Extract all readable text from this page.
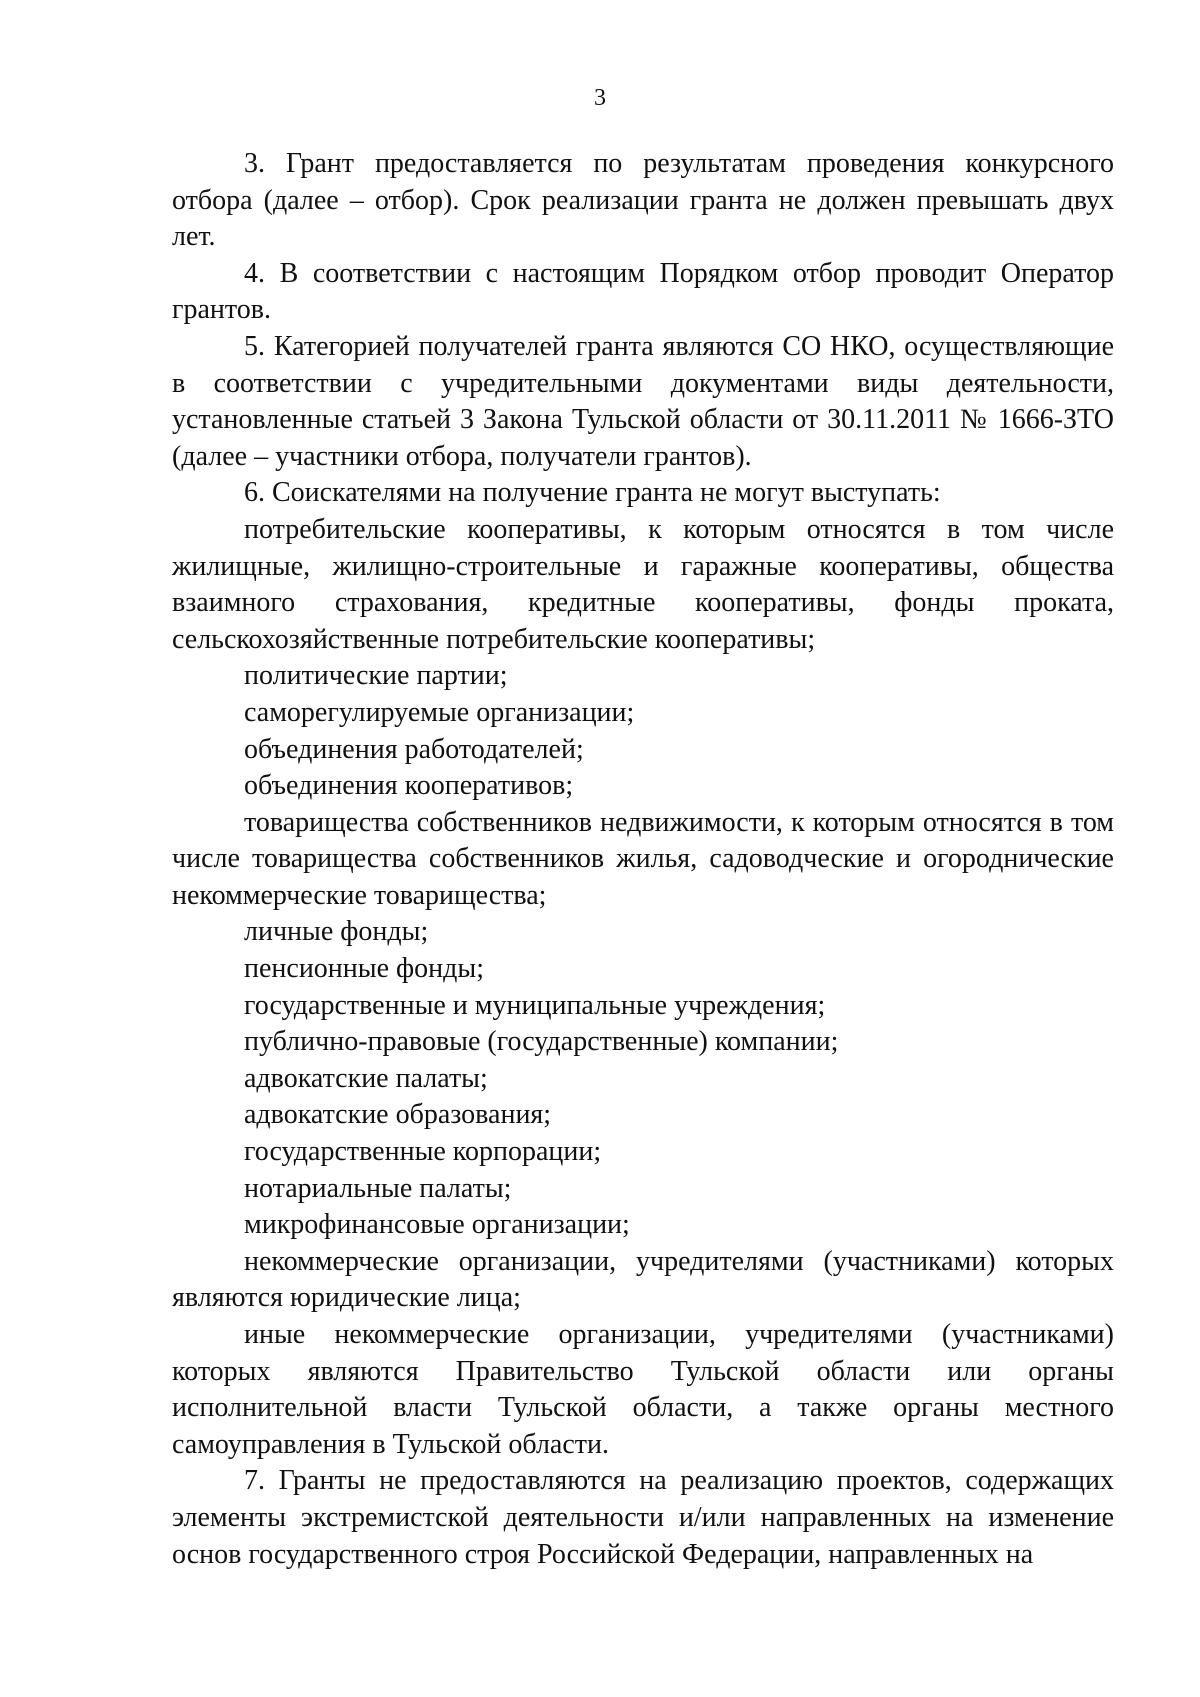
3

3. Грант предоставляется по результатам проведения конкурсного отбора (далее – отбор). Срок реализации гранта не должен превышать двух лет.

4. В соответствии с настоящим Порядком отбор проводит Оператор грантов.

5. Категорией получателей гранта являются СО НКО, осуществляющие в соответствии с учредительными документами виды деятельности, установленные статьей 3 Закона Тульской области от 30.11.2011 № 1666-ЗТО (далее – участники отбора, получатели грантов).

6. Соискателями на получение гранта не могут выступать:

потребительские кооперативы, к которым относятся в том числе жилищные, жилищно-строительные и гаражные кооперативы, общества взаимного страхования, кредитные кооперативы, фонды проката, сельскохозяйственные потребительские кооперативы;

политические партии;

саморегулируемые организации;

объединения работодателей;

объединения кооперативов;

товарищества собственников недвижимости, к которым относятся в том числе товарищества собственников жилья, садоводческие и огороднические некоммерческие товарищества;

личные фонды;

пенсионные фонды;

государственные и муниципальные учреждения;

публично-правовые (государственные) компании;

адвокатские палаты;

адвокатские образования;

государственные корпорации;

нотариальные палаты;

микрофинансовые организации;

некоммерческие организации, учредителями (участниками) которых являются юридические лица;

иные некоммерческие организации, учредителями (участниками) которых являются Правительство Тульской области или органы исполнительной власти Тульской области, а также органы местного самоуправления в Тульской области.

7. Гранты не предоставляются на реализацию проектов, содержащих элементы экстремистской деятельности и/или направленных на изменение основ государственного строя Российской Федерации, направленных на
